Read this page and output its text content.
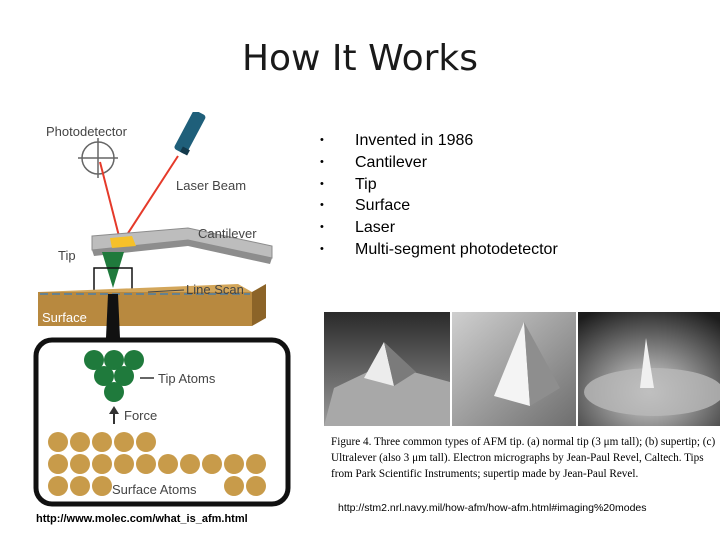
How It Works
• Invented in 1986
• Cantilever
• Tip
• Surface
• Laser
• Multi-segment photodetector
Photodetector
Laser Beam
Cantilever
Tip
Surface
Line Scan
Tip Atoms
Force
Surface Atoms
Figure 4. Three common types of AFM tip. (a) normal tip (3 μm tall); (b) supertip; (c) Ultralever (also 3 μm tall). Electron micrographs by Jean-Paul Revel, Caltech. Tips from Park Scientific Instruments; supertip made by Jean-Paul Revel.
http://stm2.nrl.navy.mil/how-afm/how-afm.html#imaging%20modes
http://www.molec.com/what_is_afm.html
